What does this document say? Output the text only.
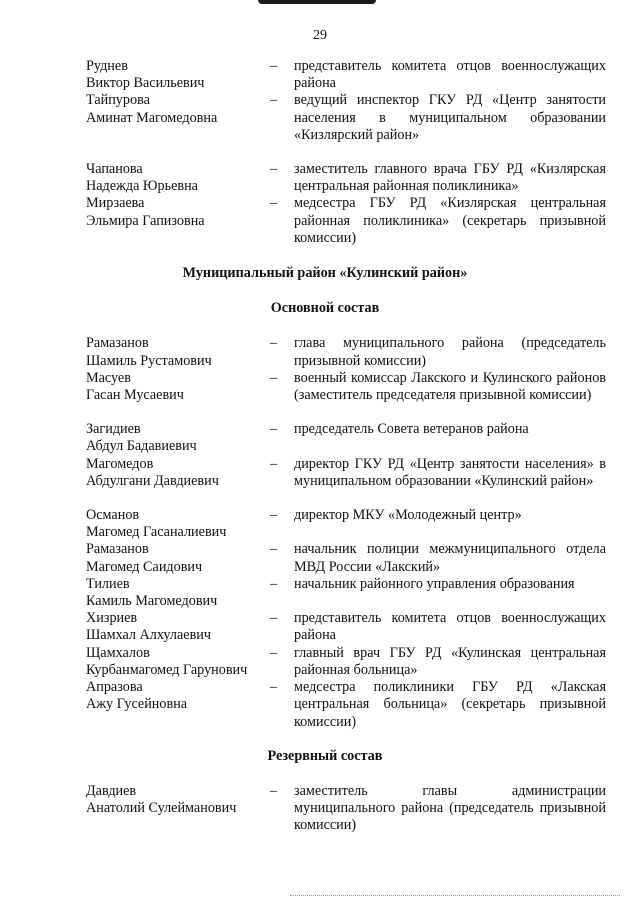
29
Руднев
Виктор Васильевич
–	представитель комитета отцов военнослужащих района
Тайпурова
Аминат Магомедовна
–	ведущий инспектор ГКУ РД «Центр занятости населения в муниципальном образовании «Кизлярский район»
Чапанова
Надежда Юрьевна
–	заместитель главного врача ГБУ РД «Кизлярская центральная районная поликлиника»
Мирзаева
Эльмира Гапизовна
–	медсестра ГБУ РД «Кизлярская центральная районная поликлиника» (секретарь призывной комиссии)
Муниципальный район «Кулинский район»
Основной состав
Рамазанов
Шамиль Рустамович
–	глава муниципального района (председатель призывной комиссии)
Масуев
Гасан Мусаевич
–	военный комиссар Лакского и Кулинского районов (заместитель председателя призывной комиссии)
Загидиев
Абдул Бадавиевич
–	председатель Совета ветеранов района
Магомедов
Абдулгани Давдиевич
–	директор ГКУ РД «Центр занятости населения» в муниципальном образовании «Кулинский район»
Османов
Магомед Гасаналиевич
–	директор МКУ «Молодежный центр»
Рамазанов
Магомед Саидович
–	начальник полиции межмуниципального отдела МВД России «Лакский»
Тилиев
Камиль Магомедович
–	начальник районного управления образования
Хизриев
Шамхал Алхулаевич
–	представитель комитета отцов военнослужащих района
Щамхалов
Курбанмагомед Гарунович
–	главный врач ГБУ РД «Кулинская центральная районная больница»
Апразова
Ажу Гусейновна
–	медсестра поликлиники ГБУ РД «Лакская центральная больница» (секретарь призывной комиссии)
Резервный состав
Давдиев
Анатолий Сулейманович
–	заместитель главы администрации муниципального района (председатель призывной комиссии)
